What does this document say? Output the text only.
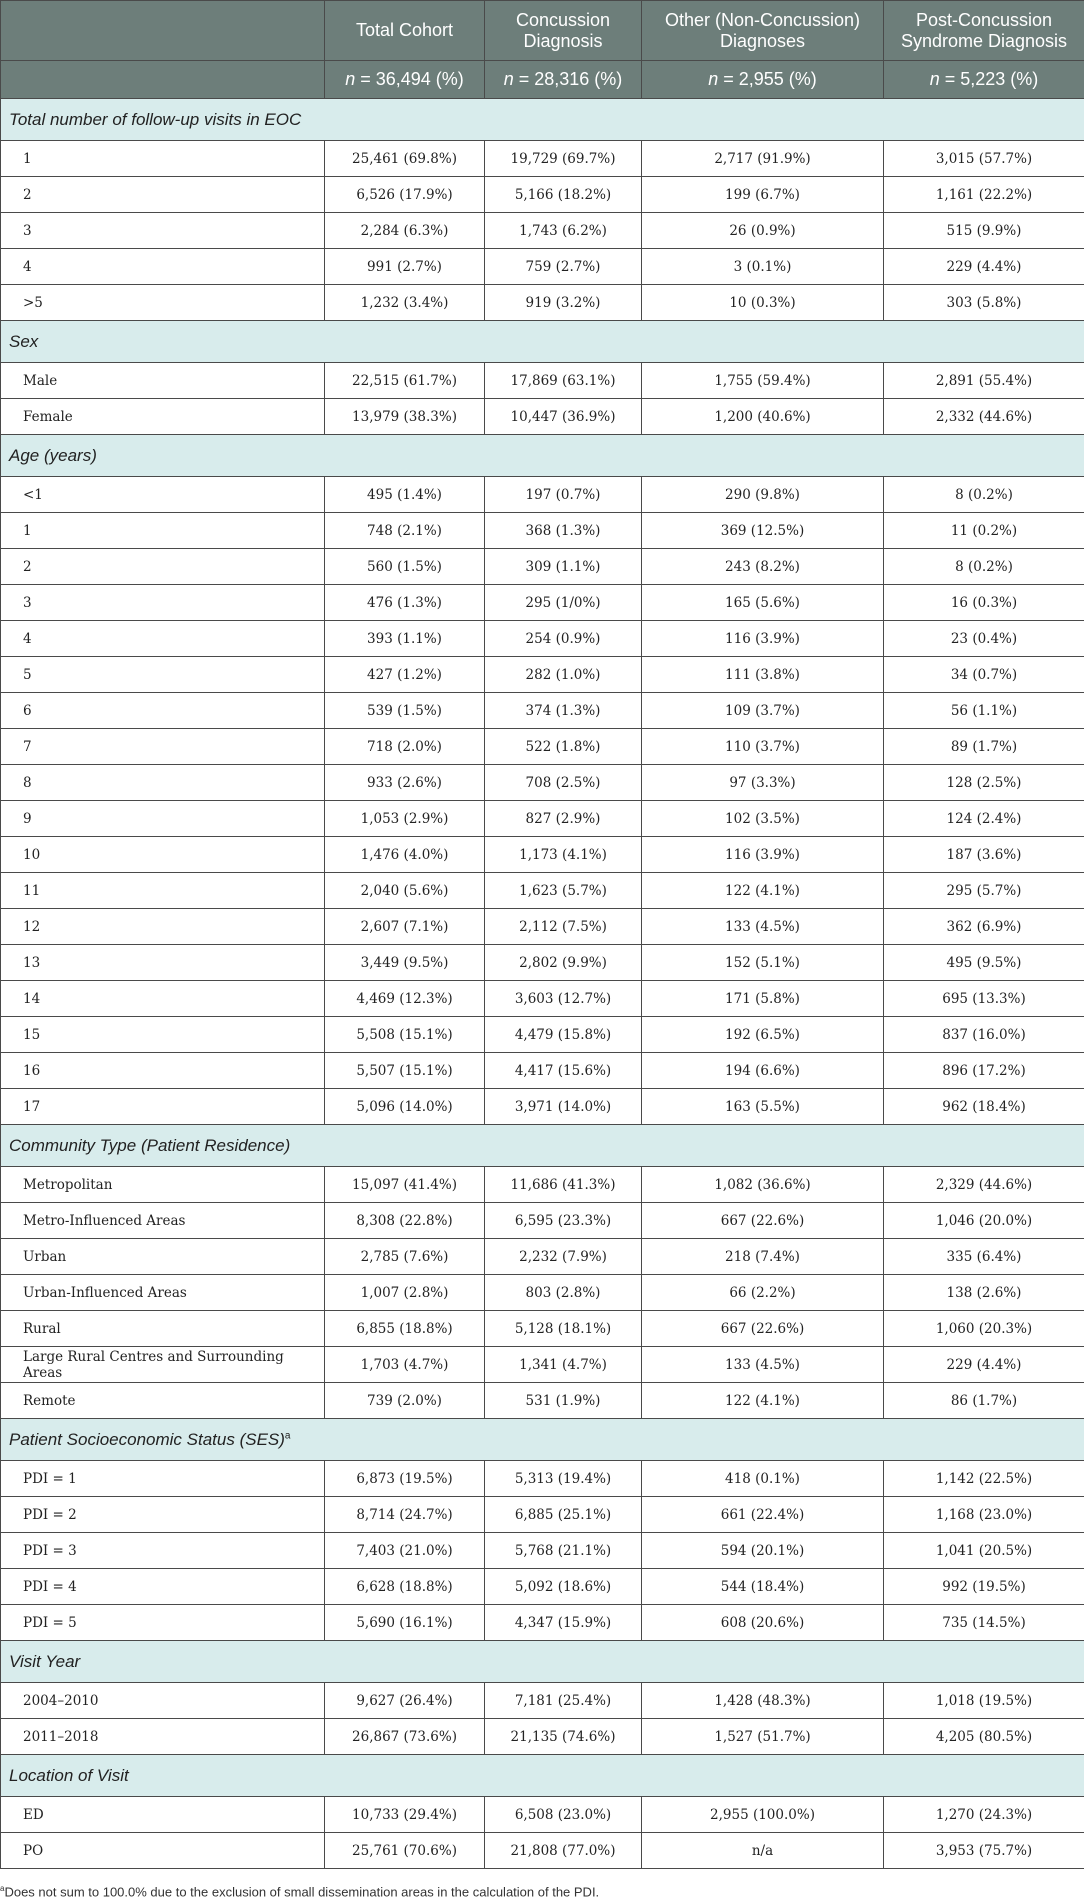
	Total Cohort	Concussion Diagnosis	Other (Non-Concussion) Diagnoses	Post-Concussion Syndrome Diagnosis
	n = 36,494 (%)	n = 28,316 (%)	n = 2,955 (%)	n = 5,223 (%)
Total number of follow-up visits in EOC				
1	25,461 (69.8%)	19,729 (69.7%)	2,717 (91.9%)	3,015 (57.7%)
2	6,526 (17.9%)	5,166 (18.2%)	199 (6.7%)	1,161 (22.2%)
3	2,284 (6.3%)	1,743 (6.2%)	26 (0.9%)	515 (9.9%)
4	991 (2.7%)	759 (2.7%)	3 (0.1%)	229 (4.4%)
>5	1,232 (3.4%)	919 (3.2%)	10 (0.3%)	303 (5.8%)
Sex				
Male	22,515 (61.7%)	17,869 (63.1%)	1,755 (59.4%)	2,891 (55.4%)
Female	13,979 (38.3%)	10,447 (36.9%)	1,200 (40.6%)	2,332 (44.6%)
Age (years)				
<1	495 (1.4%)	197 (0.7%)	290 (9.8%)	8 (0.2%)
1	748 (2.1%)	368 (1.3%)	369 (12.5%)	11 (0.2%)
2	560 (1.5%)	309 (1.1%)	243 (8.2%)	8 (0.2%)
3	476 (1.3%)	295 (1/0%)	165 (5.6%)	16 (0.3%)
4	393 (1.1%)	254 (0.9%)	116 (3.9%)	23 (0.4%)
5	427 (1.2%)	282 (1.0%)	111 (3.8%)	34 (0.7%)
6	539 (1.5%)	374 (1.3%)	109 (3.7%)	56 (1.1%)
7	718 (2.0%)	522 (1.8%)	110 (3.7%)	89 (1.7%)
8	933 (2.6%)	708 (2.5%)	97 (3.3%)	128 (2.5%)
9	1,053 (2.9%)	827 (2.9%)	102 (3.5%)	124 (2.4%)
10	1,476 (4.0%)	1,173 (4.1%)	116 (3.9%)	187 (3.6%)
11	2,040 (5.6%)	1,623 (5.7%)	122 (4.1%)	295 (5.7%)
12	2,607 (7.1%)	2,112 (7.5%)	133 (4.5%)	362 (6.9%)
13	3,449 (9.5%)	2,802 (9.9%)	152 (5.1%)	495 (9.5%)
14	4,469 (12.3%)	3,603 (12.7%)	171 (5.8%)	695 (13.3%)
15	5,508 (15.1%)	4,479 (15.8%)	192 (6.5%)	837 (16.0%)
16	5,507 (15.1%)	4,417 (15.6%)	194 (6.6%)	896 (17.2%)
17	5,096 (14.0%)	3,971 (14.0%)	163 (5.5%)	962 (18.4%)
Community Type (Patient Residence)				
Metropolitan	15,097 (41.4%)	11,686 (41.3%)	1,082 (36.6%)	2,329 (44.6%)
Metro-Influenced Areas	8,308 (22.8%)	6,595 (23.3%)	667 (22.6%)	1,046 (20.0%)
Urban	2,785 (7.6%)	2,232 (7.9%)	218 (7.4%)	335 (6.4%)
Urban-Influenced Areas	1,007 (2.8%)	803 (2.8%)	66 (2.2%)	138 (2.6%)
Rural	6,855 (18.8%)	5,128 (18.1%)	667 (22.6%)	1,060 (20.3%)
Large Rural Centres and Surrounding Areas	1,703 (4.7%)	1,341 (4.7%)	133 (4.5%)	229 (4.4%)
Remote	739 (2.0%)	531 (1.9%)	122 (4.1%)	86 (1.7%)
Patient Socioeconomic Status (SES)$^a$
PDI = 1	6,873 (19.5%)	5,313 (19.4%)	418 (0.1%)	1,142 (22.5%)
PDI = 2	8,714 (24.7%)	6,885 (25.1%)	661 (22.4%)	1,168 (23.0%)
PDI = 3	7,403 (21.0%)	5,768 (21.1%)	594 (20.1%)	1,041 (20.5%)
PDI = 4	6,628 (18.8%)	5,092 (18.6%)	544 (18.4%)	992 (19.5%)
PDI = 5	5,690 (16.1%)	4,347 (15.9%)	608 (20.6%)	735 (14.5%)
Visit Year				
2004–2010	9,627 (26.4%)	7,181 (25.4%)	1,428 (48.3%)	1,018 (19.5%)
2011–2018	26,867 (73.6%)	21,135 (74.6%)	1,527 (51.7%)	4,205 (80.5%)
Location of Visit				
ED	10,733 (29.4%)	6,508 (23.0%)	2,955 (100.0%)	1,270 (24.3%)
PO	25,761 (70.6%)	21,808 (77.0%)	n/a	3,953 (75.7%)
$^a$Does not sum to 100.0% due to the exclusion of small dissemination areas in the calculation of the PDI.
